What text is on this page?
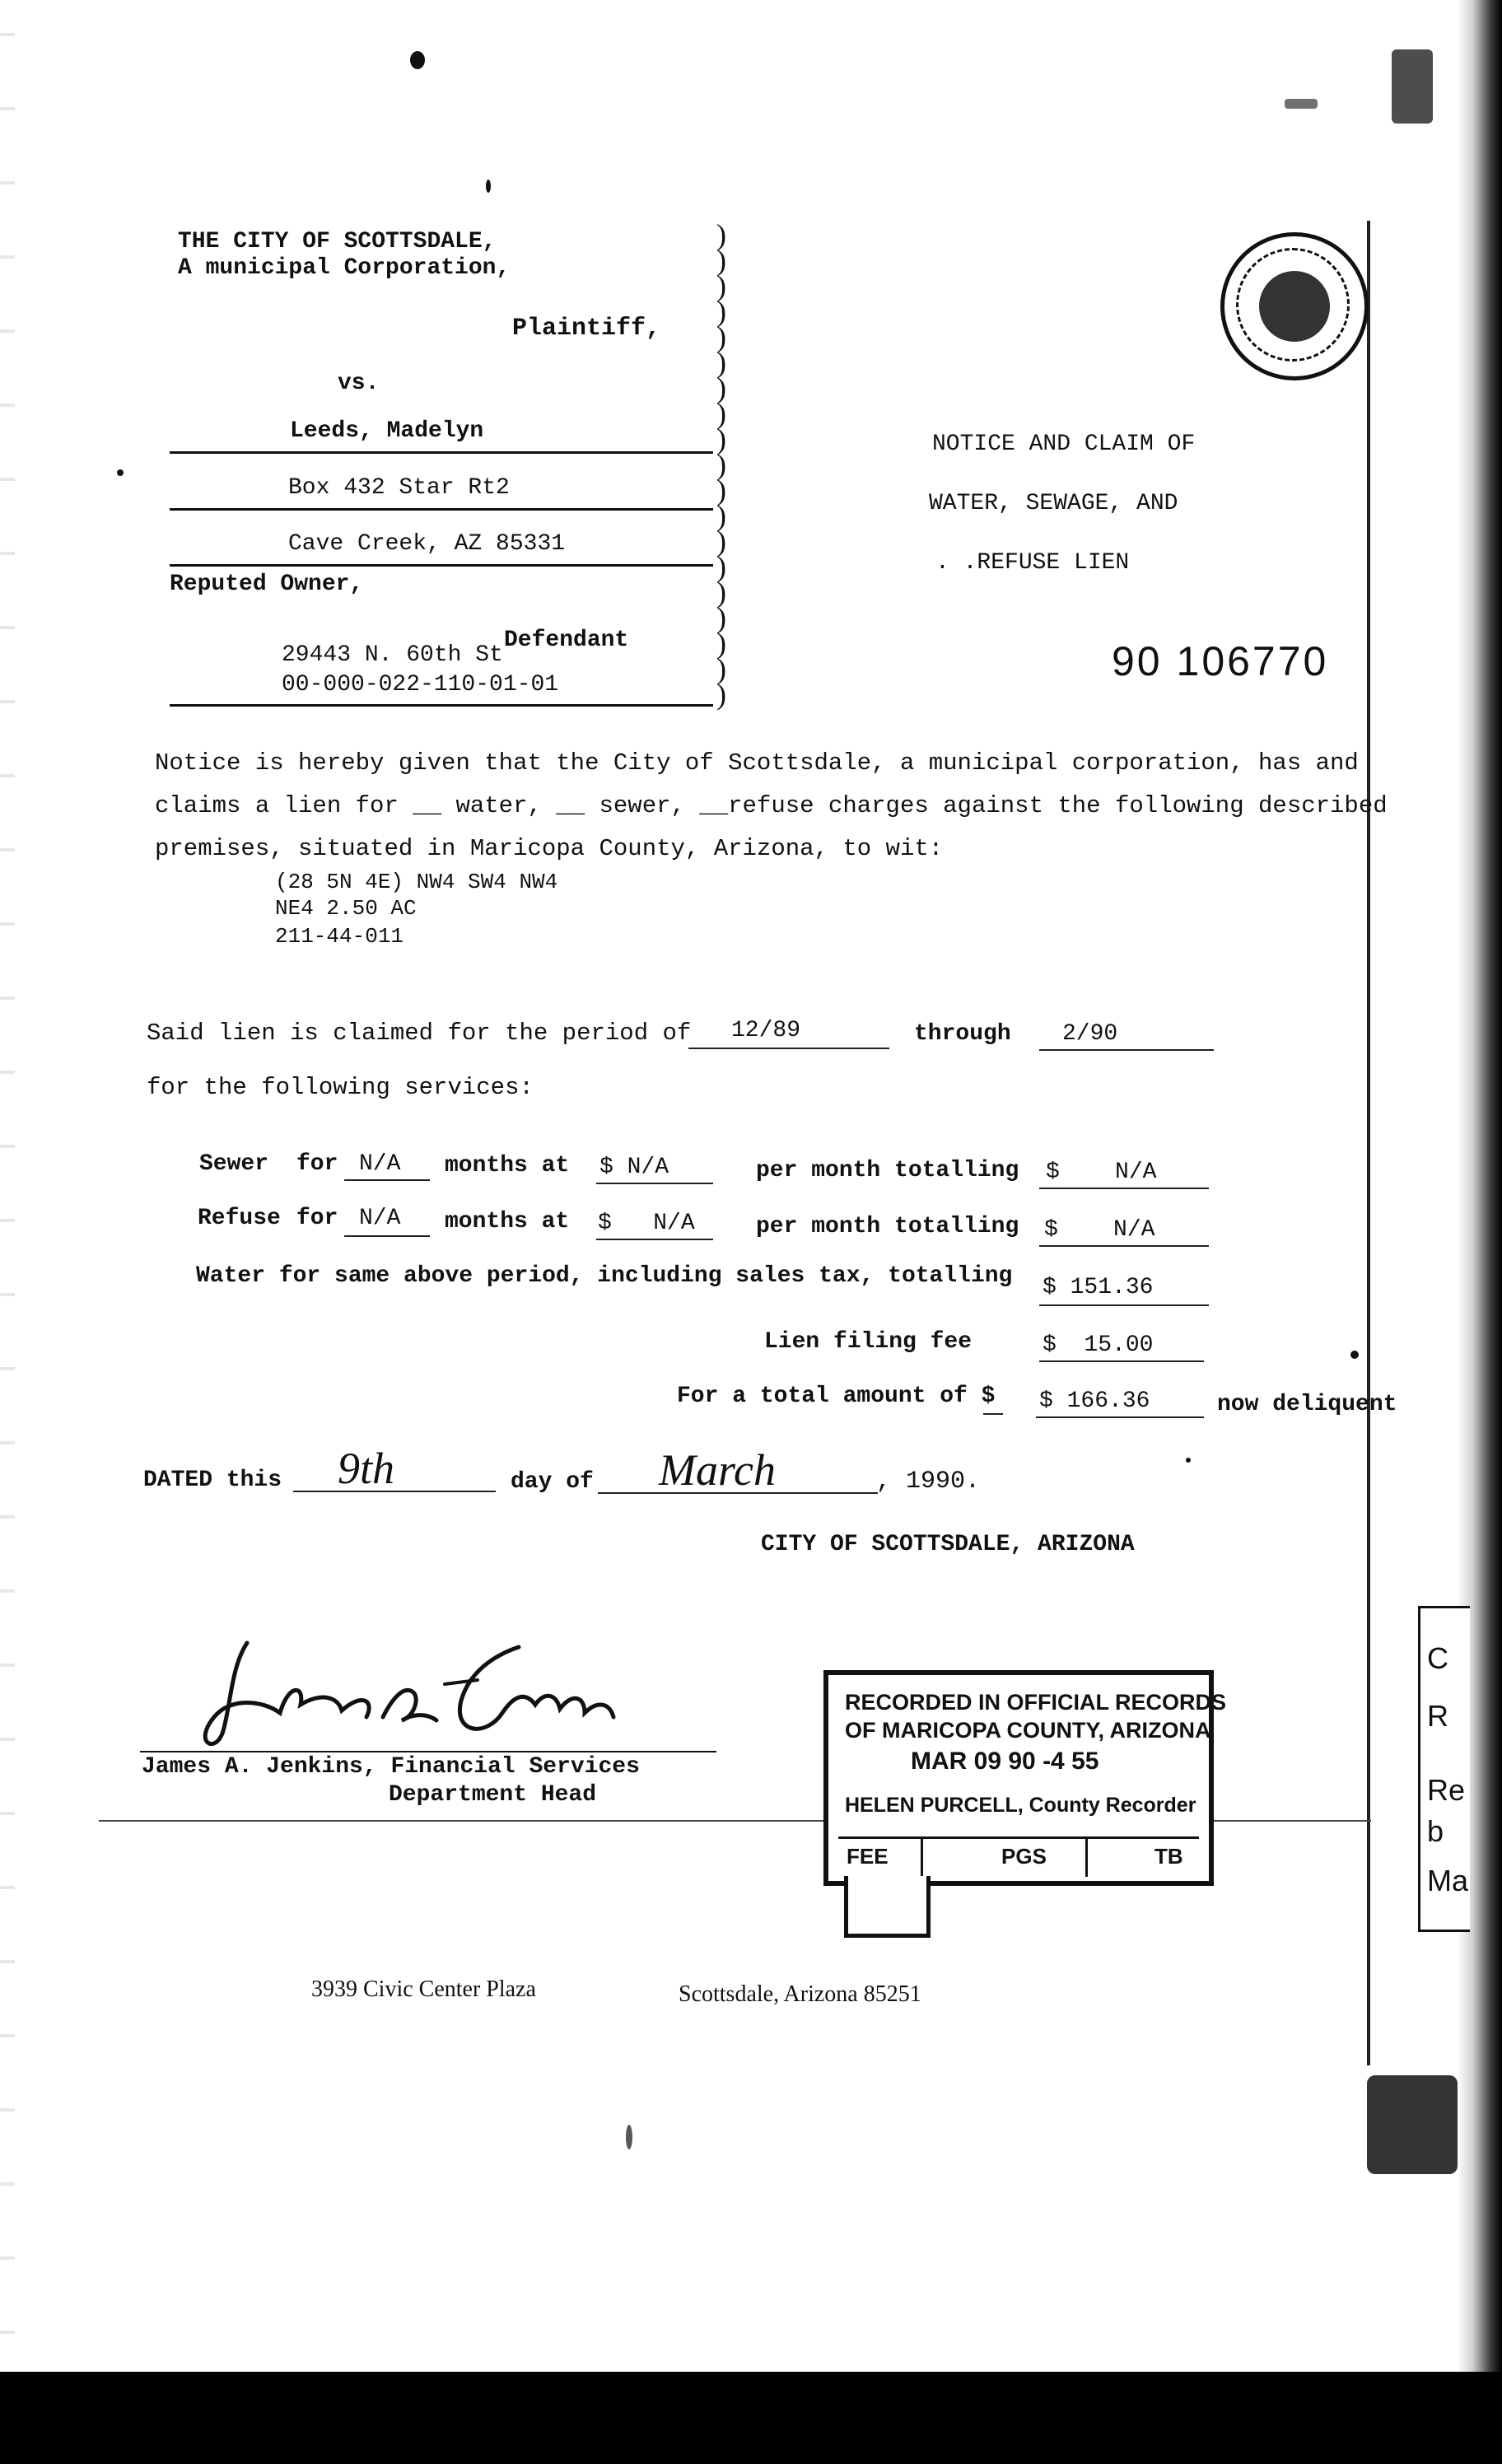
THE CITY OF SCOTTSDALE,
A municipal Corporation,
Plaintiff,
vs.
Leeds, Madelyn
Box 432 Star Rt2
Cave Creek, AZ 85331
Reputed Owner,
Defendant
29443 N. 60th St
00-000-022-110-01-01
)
)
)
)
)
)
)
)
)
)
)
)
)
)
)
)
)
)
)
NOTICE AND CLAIM OF
WATER, SEWAGE, AND
. .REFUSE LIEN
90 106770
Notice is hereby given that the City of Scottsdale, a municipal corporation, has and
claims a lien for __ water, __ sewer, __refuse charges against the following described
premises, situated in Maricopa County, Arizona, to wit:
(28 5N 4E) NW4 SW4 NW4
NE4 2.50 AC
211-44-011
Said lien is claimed for the period of 12/89	through 2/90
for the following services:
Sewer for N/A months at $ N/A	per month totalling $    N/A
Refuse for N/A months at $   N/A	per month totalling $    N/A
Water for same above period, including sales tax, totalling $ 151.36
Lien filing fee	$  15.00
For a total amount of $ $ 166.36	now deliquent
DATED this 9th	day of March	, 1990.
CITY OF SCOTTSDALE, ARIZONA
James A. Jenkins, Financial Services
Department Head
RECORDED IN OFFICIAL RECORDS
OF MARICOPA COUNTY, ARIZONA
MAR 09 90 -4 55
HELEN PURCELL, County Recorder
FEE	PGS	TB
C
R
Re
b
Ma
3939 Civic Center Plaza	Scottsdale, Arizona 85251
